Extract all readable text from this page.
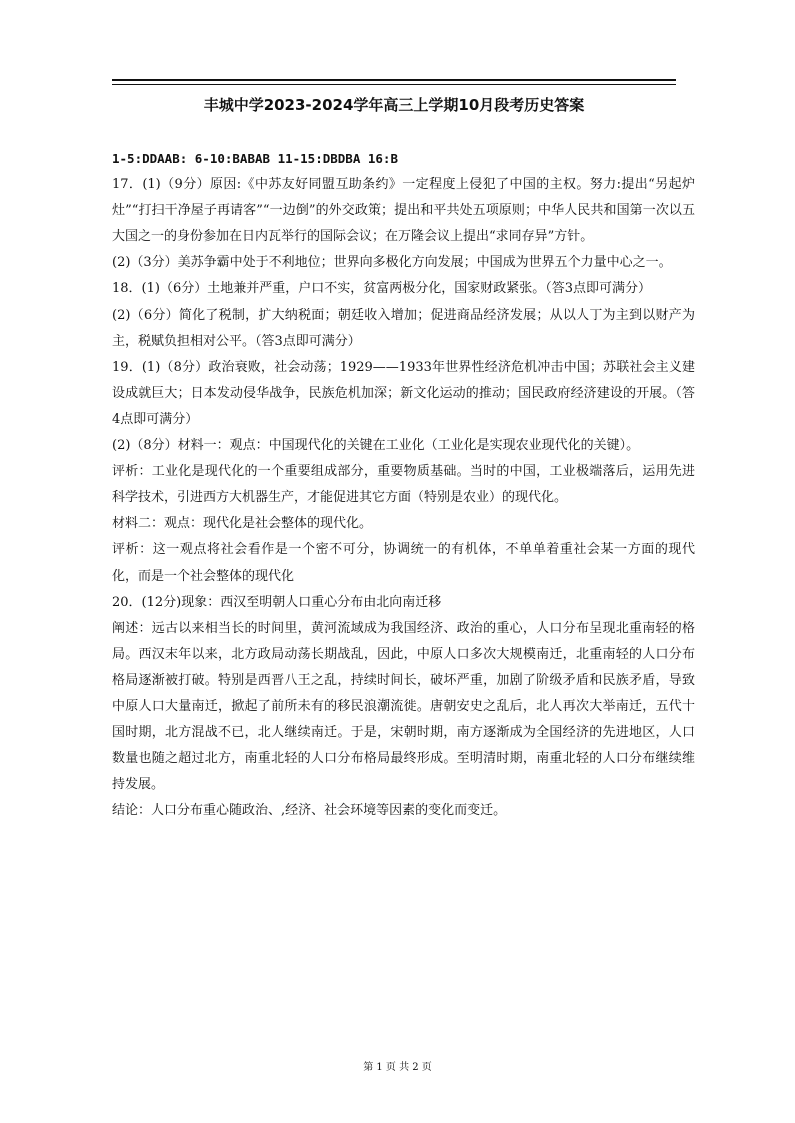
丰城中学2023-2024学年高三上学期10月段考历史答案

1-5:DDAAB: 6-10:BABAB 11-15:DBDBA 16:B

17．(1)（9分）原因:《中苏友好同盟互助条约》一定程度上侵犯了中国的主权。努力:提出“另起炉灶”“打扫干净屋子再请客”“一边倒”的外交政策；提出和平共处五项原则；中华人民共和国第一次以五大国之一的身份参加在日内瓦举行的国际会议；在万隆会议上提出“求同存异”方针。

(2)（3分）美苏争霸中处于不利地位；世界向多极化方向发展；中国成为世界五个力量中心之一。

18．(1)（6分）土地兼并严重，户口不实，贫富两极分化，国家财政紧张。（答3点即可满分）

(2)（6分）简化了税制，扩大纳税面；朝廷收入增加；促进商品经济发展；从以人丁为主到以财产为主，税赋负担相对公平。（答3点即可满分）

19．(1)（8分）政治衰败，社会动荡；1929——1933年世界性经济危机冲击中国；苏联社会主义建设成就巨大；日本发动侵华战争，民族危机加深；新文化运动的推动；国民政府经济建设的开展。（答4点即可满分）

(2)（8分）材料一：观点：中国现代化的关键在工业化（工业化是实现农业现代化的关键）。

评析：工业化是现代化的一个重要组成部分，重要物质基础。当时的中国，工业极端落后，运用先进科学技术，引进西方大机器生产，才能促进其它方面（特别是农业）的现代化。

材料二：观点：现代化是社会整体的现代化。

评析：这一观点将社会看作是一个密不可分，协调统一的有机体，不单单着重社会某一方面的现代化，而是一个社会整体的现代化

20．(12分)现象：西汉至明朝人口重心分布由北向南迁移

阐述：远古以来相当长的时间里，黄河流域成为我国经济、政治的重心，人口分布呈现北重南轻的格局。西汉末年以来，北方政局动荡长期战乱，因此，中原人口多次大规模南迁，北重南轻的人口分布格局逐渐被打破。特别是西晋八王之乱，持续时间长，破坏严重，加剧了阶级矛盾和民族矛盾，导致中原人口大量南迁，掀起了前所未有的移民浪潮流徙。唐朝安史之乱后，北人再次大举南迁，五代十国时期，北方混战不已，北人继续南迁。于是，宋朝时期，南方逐渐成为全国经济的先进地区，人口数量也随之超过北方，南重北轻的人口分布格局最终形成。至明清时期，南重北轻的人口分布继续维持发展。

结论：人口分布重心随政治、,经济、社会环境等因素的变化而变迁。

第 1 页 共 2 页
